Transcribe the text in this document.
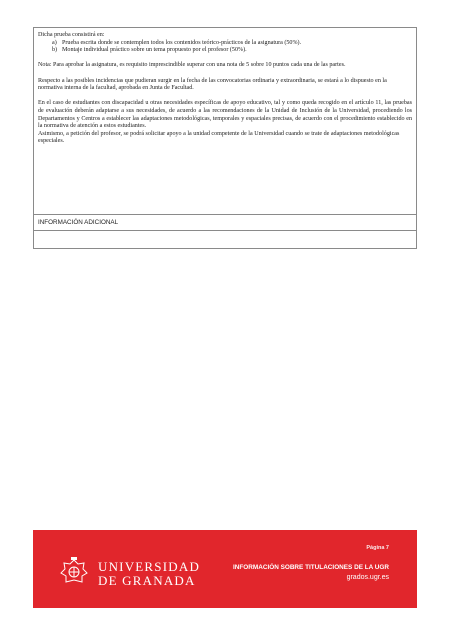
Dicha prueba consistirá en:

a) Prueba escrita donde se contemplen todos los contenidos teórico-prácticos de la asignatura (50%).
b) Montaje individual práctico sobre un tema propuesto por el profesor (50%).

Nota: Para aprobar la asignatura, es requisito imprescindible superar con una nota de 5 sobre 10 puntos cada una de las partes.

Respecto a las posibles incidencias que pudieran surgir en la fecha de las convocatorias ordinaria y extraordinaria, se estará a lo dispuesto en la normativa interna de la facultad, aprobada en Junta de Facultad.

En el caso de estudiantes con discapacidad u otras necesidades específicas de apoyo educativo, tal y como queda recogido en el artículo 11, las pruebas de evaluación deberán adaptarse a sus necesidades, de acuerdo a las recomendaciones de la Unidad de Inclusión de la Universidad, procediendo los Departamentos y Centros a establecer las adaptaciones metodológicas, temporales y espaciales precisas, de acuerdo con el procedimiento establecido en la normativa de atención a estos estudiantes.

Asimismo, a petición del profesor, se podrá solicitar apoyo a la unidad competente de la Universidad cuando se trate de adaptaciones metodológicas especiales.

INFORMACIÓN ADICIONAL
UNIVERSIDAD
DE GRANADA
Página 7
INFORMACIÓN SOBRE TITULACIONES DE LA UGR
grados.ugr.es
